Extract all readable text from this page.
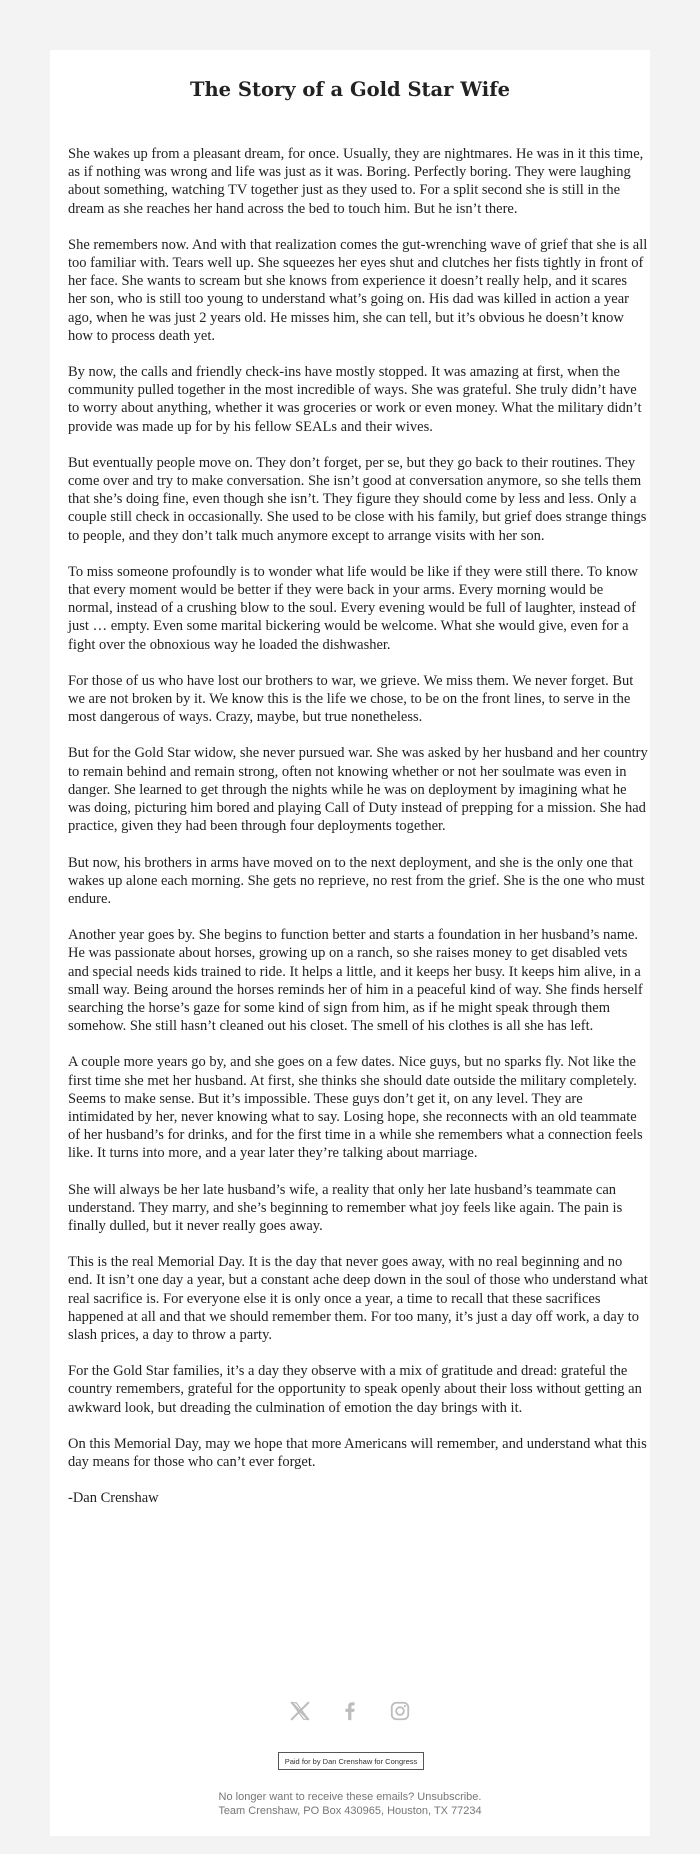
The Story of a Gold Star Wife

She wakes up from a pleasant dream, for once. Usually, they are nightmares. He was in it this time, as if nothing was wrong and life was just as it was. Boring. Perfectly boring. They were laughing about something, watching TV together just as they used to. For a split second she is still in the dream as she reaches her hand across the bed to touch him. But he isn’t there.

She remembers now. And with that realization comes the gut-wrenching wave of grief that she is all too familiar with. Tears well up. She squeezes her eyes shut and clutches her fists tightly in front of her face. She wants to scream but she knows from experience it doesn’t really help, and it scares her son, who is still too young to understand what’s going on. His dad was killed in action a year ago, when he was just 2 years old. He misses him, she can tell, but it’s obvious he doesn’t know how to process death yet.

By now, the calls and friendly check-ins have mostly stopped. It was amazing at first, when the community pulled together in the most incredible of ways. She was grateful. She truly didn’t have to worry about anything, whether it was groceries or work or even money. What the military didn’t provide was made up for by his fellow SEALs and their wives.

But eventually people move on. They don’t forget, per se, but they go back to their routines. They come over and try to make conversation. She isn’t good at conversation anymore, so she tells them that she’s doing fine, even though she isn’t. They figure they should come by less and less. Only a couple still check in occasionally. She used to be close with his family, but grief does strange things to people, and they don’t talk much anymore except to arrange visits with her son.

To miss someone profoundly is to wonder what life would be like if they were still there. To know that every moment would be better if they were back in your arms. Every morning would be normal, instead of a crushing blow to the soul. Every evening would be full of laughter, instead of just … empty. Even some marital bickering would be welcome. What she would give, even for a fight over the obnoxious way he loaded the dishwasher.

For those of us who have lost our brothers to war, we grieve. We miss them. We never forget. But we are not broken by it. We know this is the life we chose, to be on the front lines, to serve in the most dangerous of ways. Crazy, maybe, but true nonetheless.

But for the Gold Star widow, she never pursued war. She was asked by her husband and her country to remain behind and remain strong, often not knowing whether or not her soulmate was even in danger. She learned to get through the nights while he was on deployment by imagining what he was doing, picturing him bored and playing Call of Duty instead of prepping for a mission. She had practice, given they had been through four deployments together.

But now, his brothers in arms have moved on to the next deployment, and she is the only one that wakes up alone each morning. She gets no reprieve, no rest from the grief. She is the one who must endure.

Another year goes by. She begins to function better and starts a foundation in her husband’s name. He was passionate about horses, growing up on a ranch, so she raises money to get disabled vets and special needs kids trained to ride. It helps a little, and it keeps her busy. It keeps him alive, in a small way. Being around the horses reminds her of him in a peaceful kind of way. She finds herself searching the horse’s gaze for some kind of sign from him, as if he might speak through them somehow. She still hasn’t cleaned out his closet. The smell of his clothes is all she has left.

A couple more years go by, and she goes on a few dates. Nice guys, but no sparks fly. Not like the first time she met her husband. At first, she thinks she should date outside the military completely. Seems to make sense. But it’s impossible. These guys don’t get it, on any level. They are intimidated by her, never knowing what to say. Losing hope, she reconnects with an old teammate of her husband’s for drinks, and for the first time in a while she remembers what a connection feels like. It turns into more, and a year later they’re talking about marriage.

She will always be her late husband’s wife, a reality that only her late husband’s teammate can understand. They marry, and she’s beginning to remember what joy feels like again. The pain is finally dulled, but it never really goes away.

This is the real Memorial Day. It is the day that never goes away, with no real beginning and no end. It isn’t one day a year, but a constant ache deep down in the soul of those who understand what real sacrifice is. For everyone else it is only once a year, a time to recall that these sacrifices happened at all and that we should remember them. For too many, it’s just a day off work, a day to slash prices, a day to throw a party.

For the Gold Star families, it’s a day they observe with a mix of gratitude and dread: grateful the country remembers, grateful for the opportunity to speak openly about their loss without getting an awkward look, but dreading the culmination of emotion the day brings with it.

On this Memorial Day, may we hope that more Americans will remember, and understand what this day means for those who can’t ever forget.

-Dan Crenshaw

Paid for by Dan Crenshaw for Congress
No longer want to receive these emails? Unsubscribe.
Team Crenshaw, PO Box 430965, Houston, TX 77234
